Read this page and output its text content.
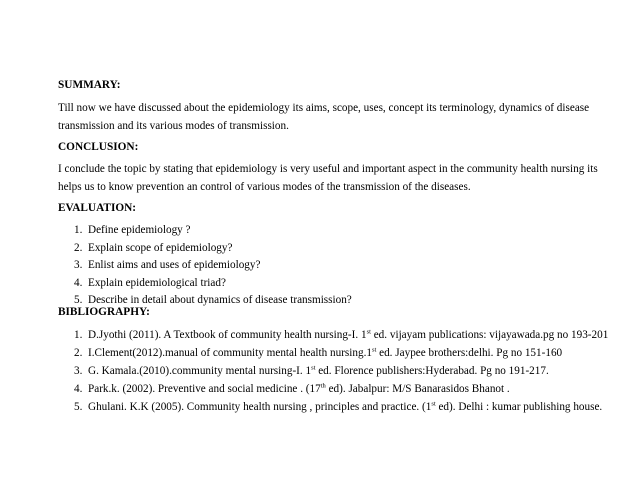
SUMMARY:
Till now we have discussed about the epidemiology its aims, scope, uses, concept its terminology, dynamics of disease transmission and its various modes of transmission.
CONCLUSION:
I conclude the topic by stating that epidemiology is very useful and important aspect in the community health nursing its helps us to know prevention an control of various modes of the transmission of the diseases.
EVALUATION:
1. Define epidemiology ?
2. Explain scope of epidemiology?
3. Enlist aims and uses of epidemiology?
4. Explain epidemiological triad?
5. Describe in detail about dynamics of disease transmission?
BIBLIOGRAPHY:
1. D.Jyothi (2011). A Textbook of community health nursing-I. 1st ed. vijayam publications: vijayawada.pg no 193-201
2. I.Clement(2012).manual of community mental health nursing.1st ed. Jaypee brothers:delhi. Pg no 151-160
3. G. Kamala.(2010).community mental nursing-I. 1st ed. Florence publishers:Hyderabad. Pg no 191-217.
4. Park.k. (2002). Preventive and social medicine . (17th ed). Jabalpur: M/S Banarasidos Bhanot .
5. Ghulani. K.K (2005). Community health nursing , principles and practice. (1st ed). Delhi : kumar publishing house.
